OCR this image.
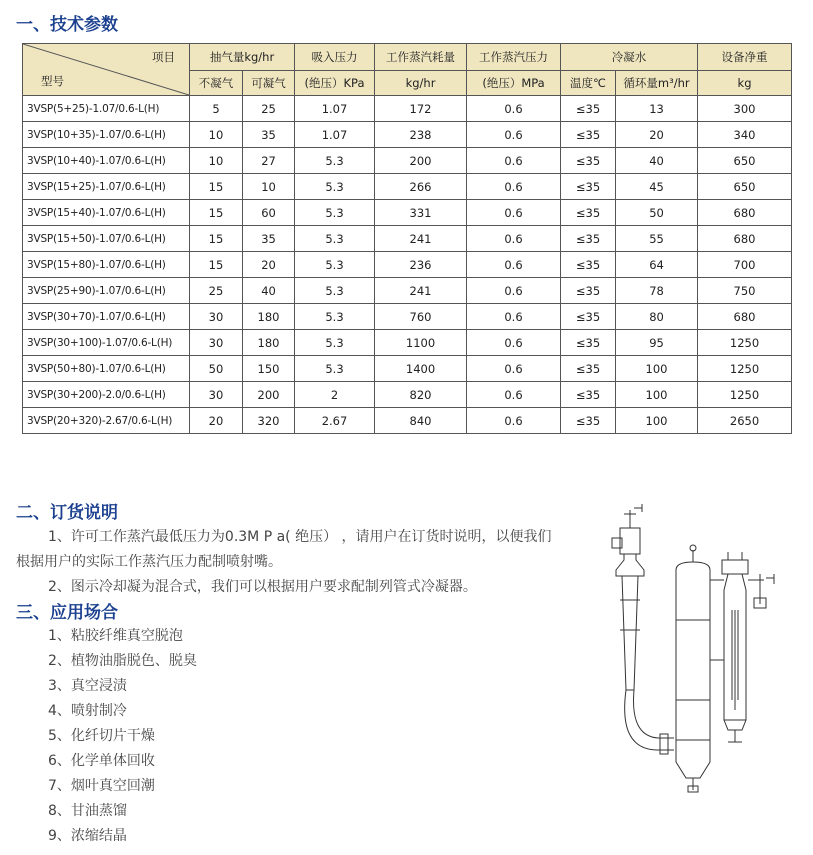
一、技术参数
项目
型号	抽气量kg/hr		吸入压力	工作蒸汽耗量	工作蒸汽压力	冷凝水		设备净重
	不凝气	可凝气	(绝压）KPa	kg/hr	(绝压）MPa	温度℃	循环量m³/hr	kg
3VSP(5+25)-1.07/0.6-L(H)	5	25	1.07	172	0.6	≤35	13	300
3VSP(10+35)-1.07/0.6-L(H)	10	35	1.07	238	0.6	≤35	20	340
3VSP(10+40)-1.07/0.6-L(H)	10	27	5.3	200	0.6	≤35	40	650
3VSP(15+25)-1.07/0.6-L(H)	15	10	5.3	266	0.6	≤35	45	650
3VSP(15+40)-1.07/0.6-L(H)	15	60	5.3	331	0.6	≤35	50	680
3VSP(15+50)-1.07/0.6-L(H)	15	35	5.3	241	0.6	≤35	55	680
3VSP(15+80)-1.07/0.6-L(H)	15	20	5.3	236	0.6	≤35	64	700
3VSP(25+90)-1.07/0.6-L(H)	25	40	5.3	241	0.6	≤35	78	750
3VSP(30+70)-1.07/0.6-L(H)	30	180	5.3	760	0.6	≤35	80	680
3VSP(30+100)-1.07/0.6-L(H)	30	180	5.3	1100	0.6	≤35	95	1250
3VSP(50+80)-1.07/0.6-L(H)	50	150	5.3	1400	0.6	≤35	100	1250
3VSP(30+200)-2.0/0.6-L(H)	30	200	2	820	0.6	≤35	100	1250
3VSP(20+320)-2.67/0.6-L(H)	20	320	2.67	840	0.6	≤35	100	2650
二、订货说明
1、许可工作蒸汽最低压力为0.3M P a( 绝压） ，请用户在订货时说明，以便我们
根据用户的实际工作蒸汽压力配制喷射嘴。
2、图示冷却凝为混合式，我们可以根据用户要求配制列管式冷凝器。
三、应用场合
1、粘胶纤维真空脱泡
2、植物油脂脱色、脱臭
3、真空浸渍
4、喷射制冷
5、化纤切片干燥
6、化学单体回收
7、烟叶真空回潮
8、甘油蒸馏
9、浓缩结晶
